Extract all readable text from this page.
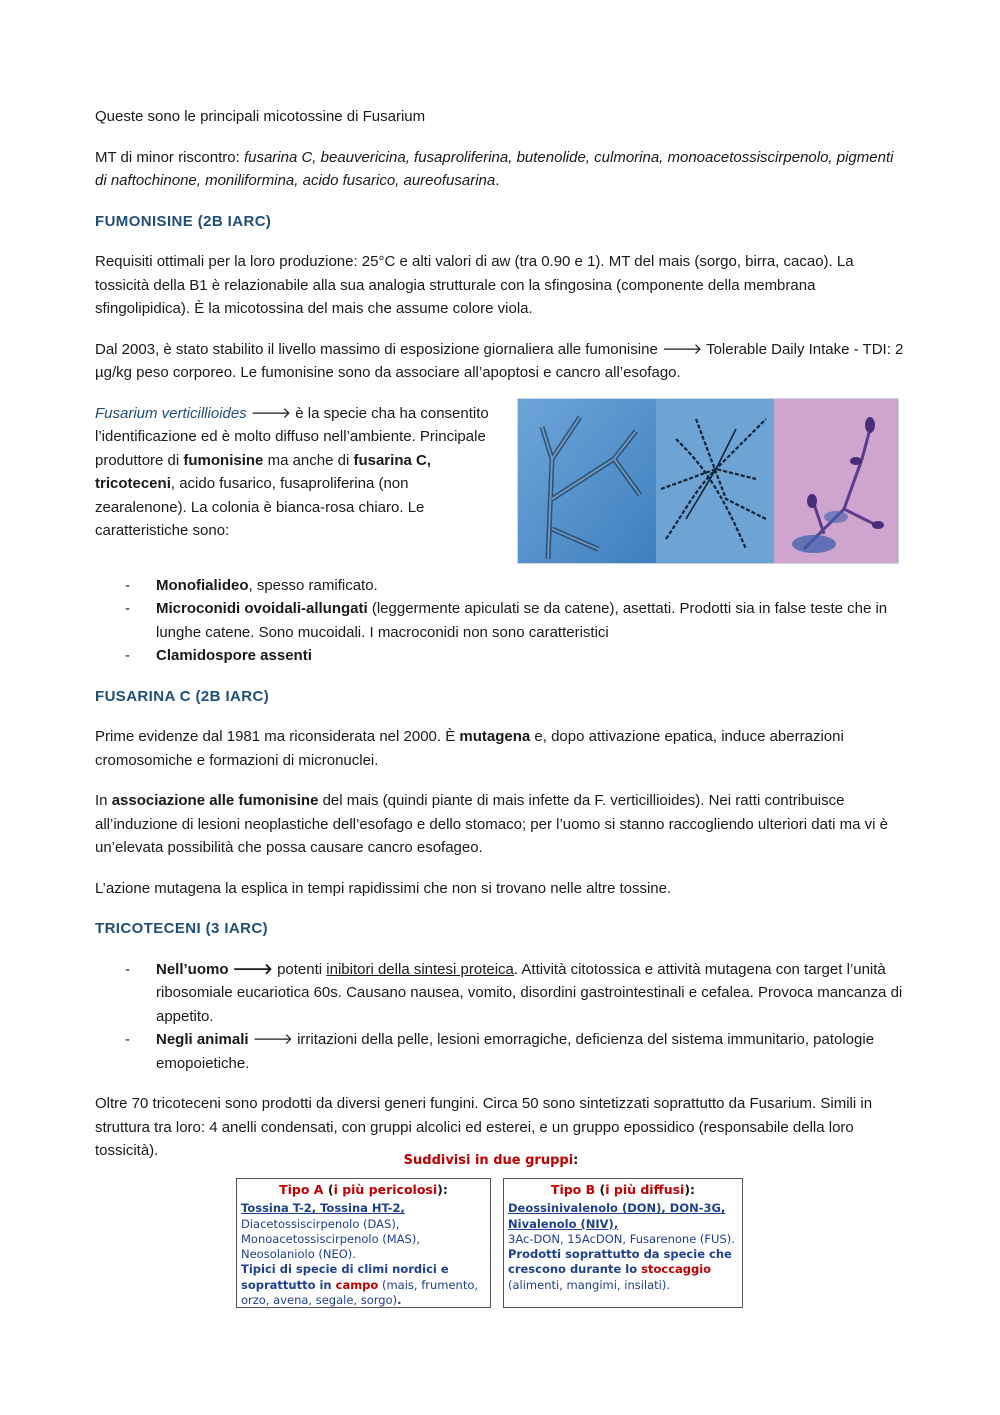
Queste sono le principali micotossine di Fusarium

MT di minor riscontro: fusarina C, beauvericina, fusaproliferina, butenolide, culmorina, monoacetossiscirpenolo, pigmenti di naftochinone, moniliformina, acido fusarico, aureofusarina.

FUMONISINE (2B IARC)

Requisiti ottimali per la loro produzione: 25°C e alti valori di aw (tra 0.90 e 1). MT del mais (sorgo, birra, cacao). La tossicità della B1 è relazionabile alla sua analogia strutturale con la sfingosina (componente della membrana sfingolipidica). È la micotossina del mais che assume colore viola.

Dal 2003, è stato stabilito il livello massimo di esposizione giornaliera alle fumonisine 🡒 Tolerable Daily Intake - TDI: 2 µg/kg peso corporeo. Le fumonisine sono da associare all’apoptosi e cancro all’esofago.

Fusarium verticillioides 🡒 è la specie cha ha consentito l’identificazione ed è molto diffuso nell’ambiente. Principale produttore di fumonisine ma anche di fusarina C, tricoteceni, acido fusarico, fusaproliferina (non zearalenone). La colonia è bianca-rosa chiaro. Le caratteristiche sono:
- Monofialideo, spesso ramificato.
- Microconidi ovoidali-allungati (leggermente apiculati se da catene), asettati. Prodotti sia in false teste che in lunghe catene. Sono mucoidali. I macroconidi non sono caratteristici
- Clamidospore assenti
FUSARINA C (2B IARC)

Prime evidenze dal 1981 ma riconsiderata nel 2000. È mutagena e, dopo attivazione epatica, induce aberrazioni cromosomiche e formazioni di micronuclei.

In associazione alle fumonisine del mais (quindi piante di mais infette da F. verticillioides). Nei ratti contribuisce all’induzione di lesioni neoplastiche dell’esofago e dello stomaco; per l’uomo si stanno raccogliendo ulteriori dati ma vi è un’elevata possibilità che possa causare cancro esofageo.

L’azione mutagena la esplica in tempi rapidissimi che non si trovano nelle altre tossine.

TRICOTECENI (3 IARC)
- Nell’uomo 🡒 potenti inibitori della sintesi proteica. Attività citotossica e attività mutagena con target l’unità ribosomiale eucariotica 60s. Causano nausea, vomito, disordini gastrointestinali e cefalea. Provoca mancanza di appetito.
- Negli animali 🡒 irritazioni della pelle, lesioni emorragiche, deficienza del sistema immunitario, patologie emopoietiche.

Oltre 70 tricoteceni sono prodotti da diversi generi fungini. Circa 50 sono sintetizzati soprattutto da Fusarium. Simili in struttura tra loro: 4 anelli condensati, con gruppi alcolici ed esterei, e un gruppo epossidico (responsabile della loro tossicità).

Suddivisi in due gruppi:
Tipo A (i più pericolosi):
Tossina T-2, Tossina HT-2,
Diacetossiscirpenolo (DAS),
Monoacetossiscirpenolo (MAS),
Neosolaniolo (NEO).
Tipici di specie di climi nordici e soprattutto in campo (mais, frumento, orzo, avena, segale, sorgo).
Tipo B (i più diffusi):
Deossinivalenolo (DON), DON-3G, Nivalenolo (NIV),
3Ac-DON, 15AcDON, Fusarenone (FUS).
Prodotti soprattutto da specie che crescono durante lo stoccaggio
(alimenti, mangimi, insilati).
